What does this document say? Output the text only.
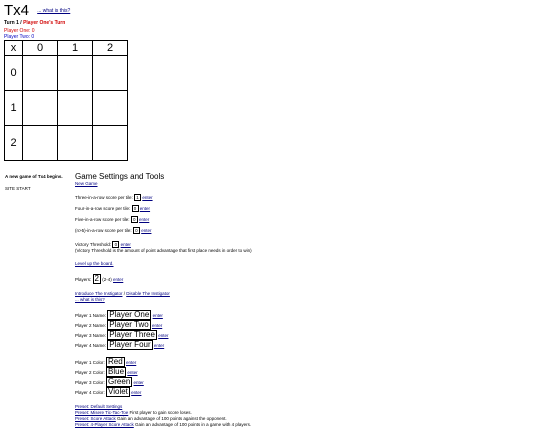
Tx4 ... what is this?
Turn 1 / Player One's Turn
Player One: 0
Player Two: 0
x	0	1	2
0			
1			
2			
A new game of Tx4 begins.
SITE START
Game Settings and Tools
New Game
Three-in-a-row score per tile: 1 enter
Four-in-a-row score per tile: 0 enter
Five-in-a-row score per tile: 0 enter
(n>5)-in-a-row score per tile: 0 enter
Victory Threshold: 0 enter
(Victory Threshold is the amount of point advantage that first place needs in order to win)
Level up the board.
Players: 2 (2-4) enter
Introduce The Instigator / Disable The Instigator
... what is this?
Player 1 Name: Player One enter
Player 2 Name: Player Two enter
Player 3 Name: Player Three enter
Player 4 Name: Player Four enter
Player 1 Color: Red enter
Player 2 Color: Blue enter
Player 3 Color: Green enter
Player 4 Color: Violet enter
Preset: Default Settings
Preset: Misere Tic-Tac-Toe First player to gain score loses.
Preset: Score Attack Gain an advantage of 100 points against the opponent.
Preset: 4-Player Score Attack Gain an advantage of 100 points in a game with 4 players.
